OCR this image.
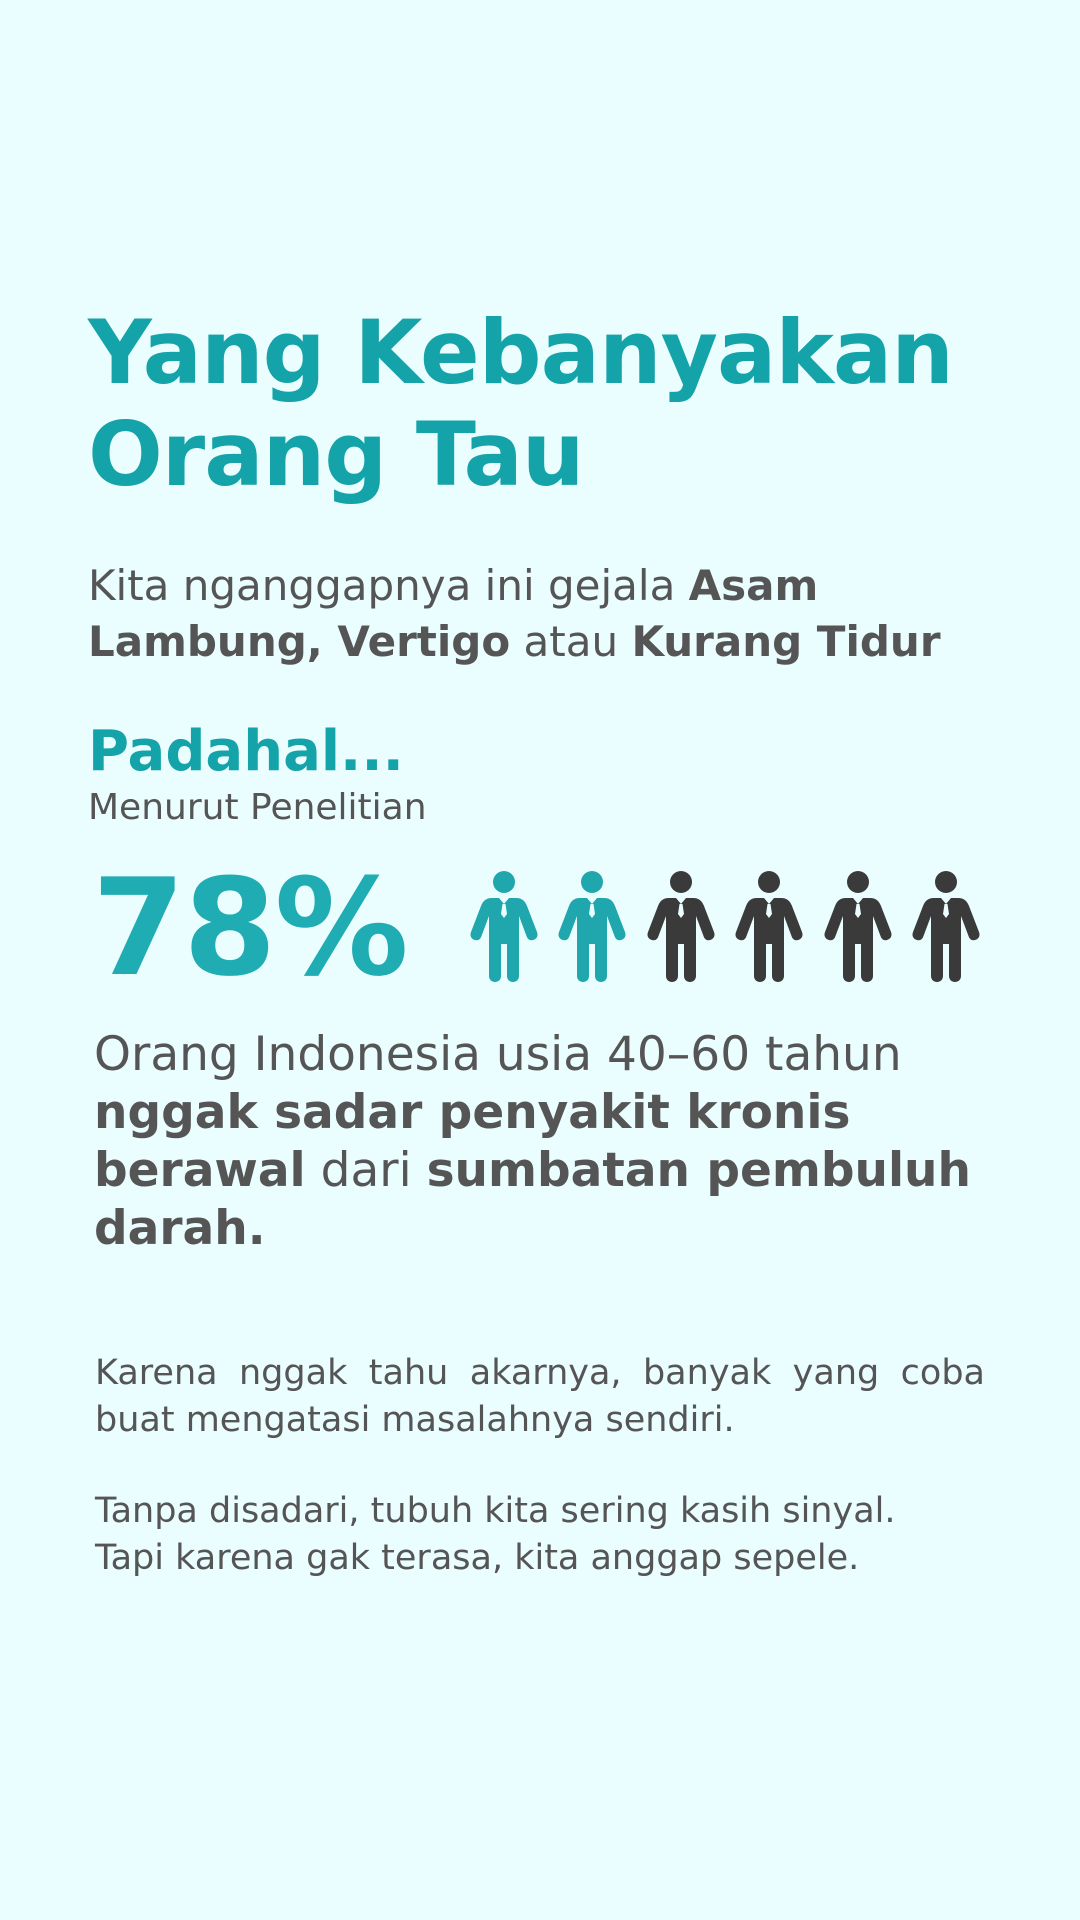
Yang Kebanyakan
Orang Tau

Kita nganggapnya ini gejala Asam Lambung, Vertigo atau Kurang Tidur

Padahal...

Menurut Penelitian

78%

Orang Indonesia usia 40–60 tahun nggak sadar penyakit kronis berawal dari sumbatan pembuluh darah.

Karena nggak tahu akarnya, banyak yang coba buat mengatasi masalahnya sendiri.

Tanpa disadari, tubuh kita sering kasih sinyal.
Tapi karena gak terasa, kita anggap sepele.
